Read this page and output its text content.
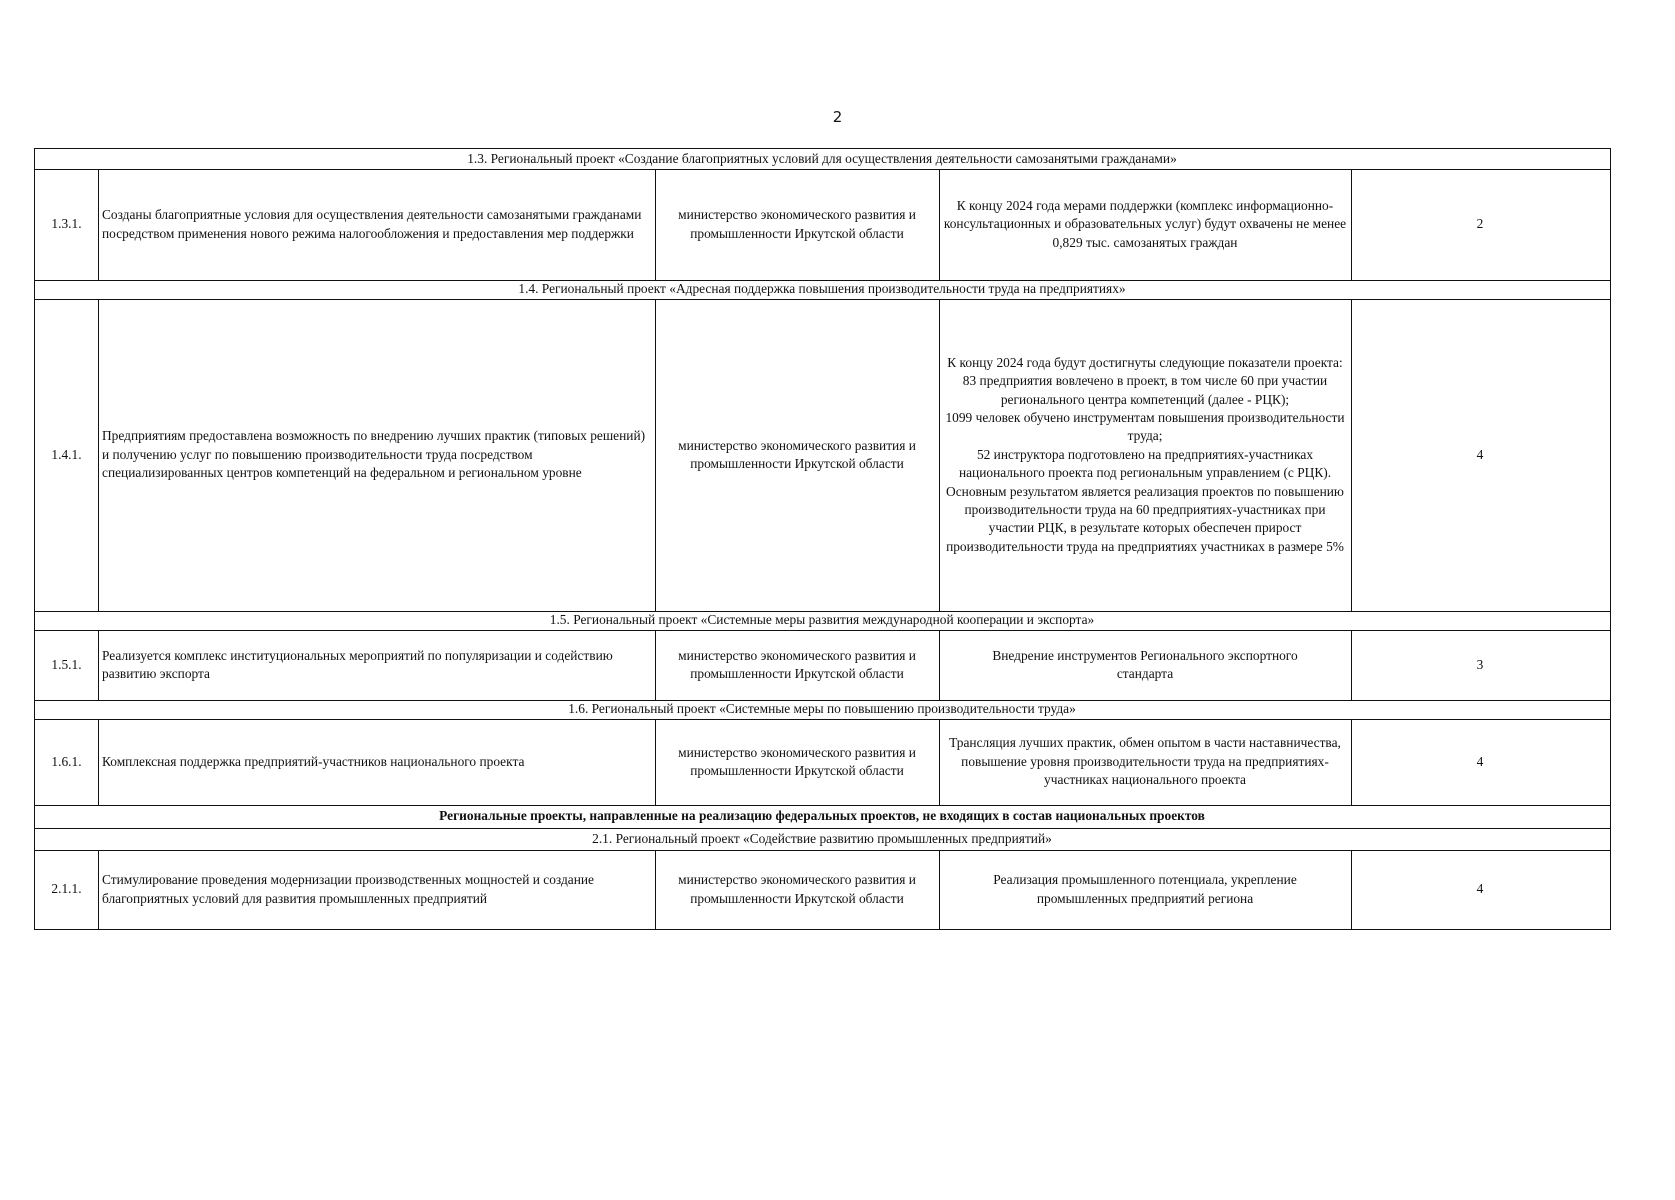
2
1.3. Региональный проект «Создание благоприятных условий для осуществления деятельности самозанятыми гражданами»
1.3.1.
Созданы благоприятные условия для осуществления деятельности самозанятыми гражданами посредством применения нового режима налогообложения и предоставления мер поддержки
министерство экономического развития и промышленности Иркутской области
К концу 2024 года мерами поддержки (комплекс информационно-консультационных и образовательных услуг) будут охвачены не менее 0,829 тыс. самозанятых граждан
2
1.4. Региональный проект «Адресная поддержка повышения производительности труда на предприятиях»
1.4.1.
Предприятиям предоставлена возможность по внедрению лучших практик (типовых решений) и получению услуг по повышению производительности труда посредством специализированных центров компетенций на федеральном и региональном уровне
министерство экономического развития и промышленности Иркутской области
К концу 2024 года будут достигнуты следующие показатели проекта:
83 предприятия вовлечено в проект, в том числе 60 при участии регионального центра компетенций (далее - РЦК);
1099 человек обучено инструментам повышения производительности труда;
52 инструктора подготовлено на предприятиях-участниках национального проекта под региональным управлением (с РЦК).
Основным результатом является реализация проектов по повышению производительности труда на 60 предприятиях-участниках при участии РЦК, в результате которых обеспечен прирост производительности труда на предприятиях участниках в размере 5%
4
1.5. Региональный проект «Системные меры развития международной кооперации и экспорта»
1.5.1.
Реализуется комплекс институциональных мероприятий по популяризации и содействию развитию экспорта
министерство экономического развития и промышленности Иркутской области
Внедрение инструментов Регионального экспортного стандарта
3
1.6. Региональный проект «Системные меры по повышению производительности труда»
1.6.1.	Комплексная поддержка предприятий-участников национального проекта
министерство экономического развития и промышленности Иркутской области
Трансляция лучших практик, обмен опытом в части наставничества, повышение уровня производительности труда на предприятиях-участниках национального проекта
4
Региональные проекты, направленные на реализацию федеральных проектов, не входящих в состав национальных проектов
2.1. Региональный проект «Содействие развитию промышленных предприятий»
2.1.1.
Стимулирование проведения модернизации производственных мощностей и создание благоприятных условий для развития промышленных предприятий
министерство экономического развития и промышленности Иркутской области
Реализация промышленного потенциала, укрепление промышленных предприятий региона
4
